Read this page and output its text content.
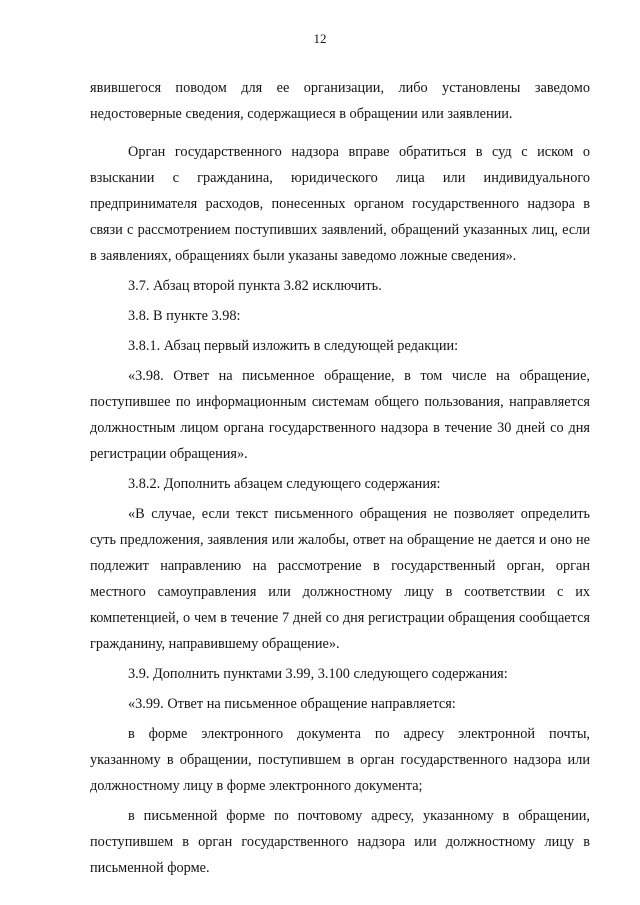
12

явившегося поводом для ее организации, либо установлены заведомо недостоверные сведения, содержащиеся в обращении или заявлении.

Орган государственного надзора вправе обратиться в суд с иском о взыскании с гражданина, юридического лица или индивидуального предпринимателя расходов, понесенных органом государственного надзора в связи с рассмотрением поступивших заявлений, обращений указанных лиц, если в заявлениях, обращениях были указаны заведомо ложные сведения».

3.7. Абзац второй пункта 3.82 исключить.

3.8. В пункте 3.98:

3.8.1. Абзац первый изложить в следующей редакции:

«3.98. Ответ на письменное обращение, в том числе на обращение, поступившее по информационным системам общего пользования, направляется должностным лицом органа государственного надзора в течение 30 дней со дня регистрации обращения».

3.8.2. Дополнить абзацем следующего содержания:

«В случае, если текст письменного обращения не позволяет определить суть предложения, заявления или жалобы, ответ на обращение не дается и оно не подлежит направлению на рассмотрение в государственный орган, орган местного самоуправления или должностному лицу в соответствии с их компетенцией, о чем в течение 7 дней со дня регистрации обращения сообщается гражданину, направившему обращение».

3.9. Дополнить пунктами 3.99, 3.100 следующего содержания:

«3.99. Ответ на письменное обращение направляется:

в форме электронного документа по адресу электронной почты, указанному в обращении, поступившем в орган государственного надзора или должностному лицу в форме электронного документа;

в письменной форме по почтовому адресу, указанному в обращении, поступившем в орган государственного надзора или должностному лицу в письменной форме.
